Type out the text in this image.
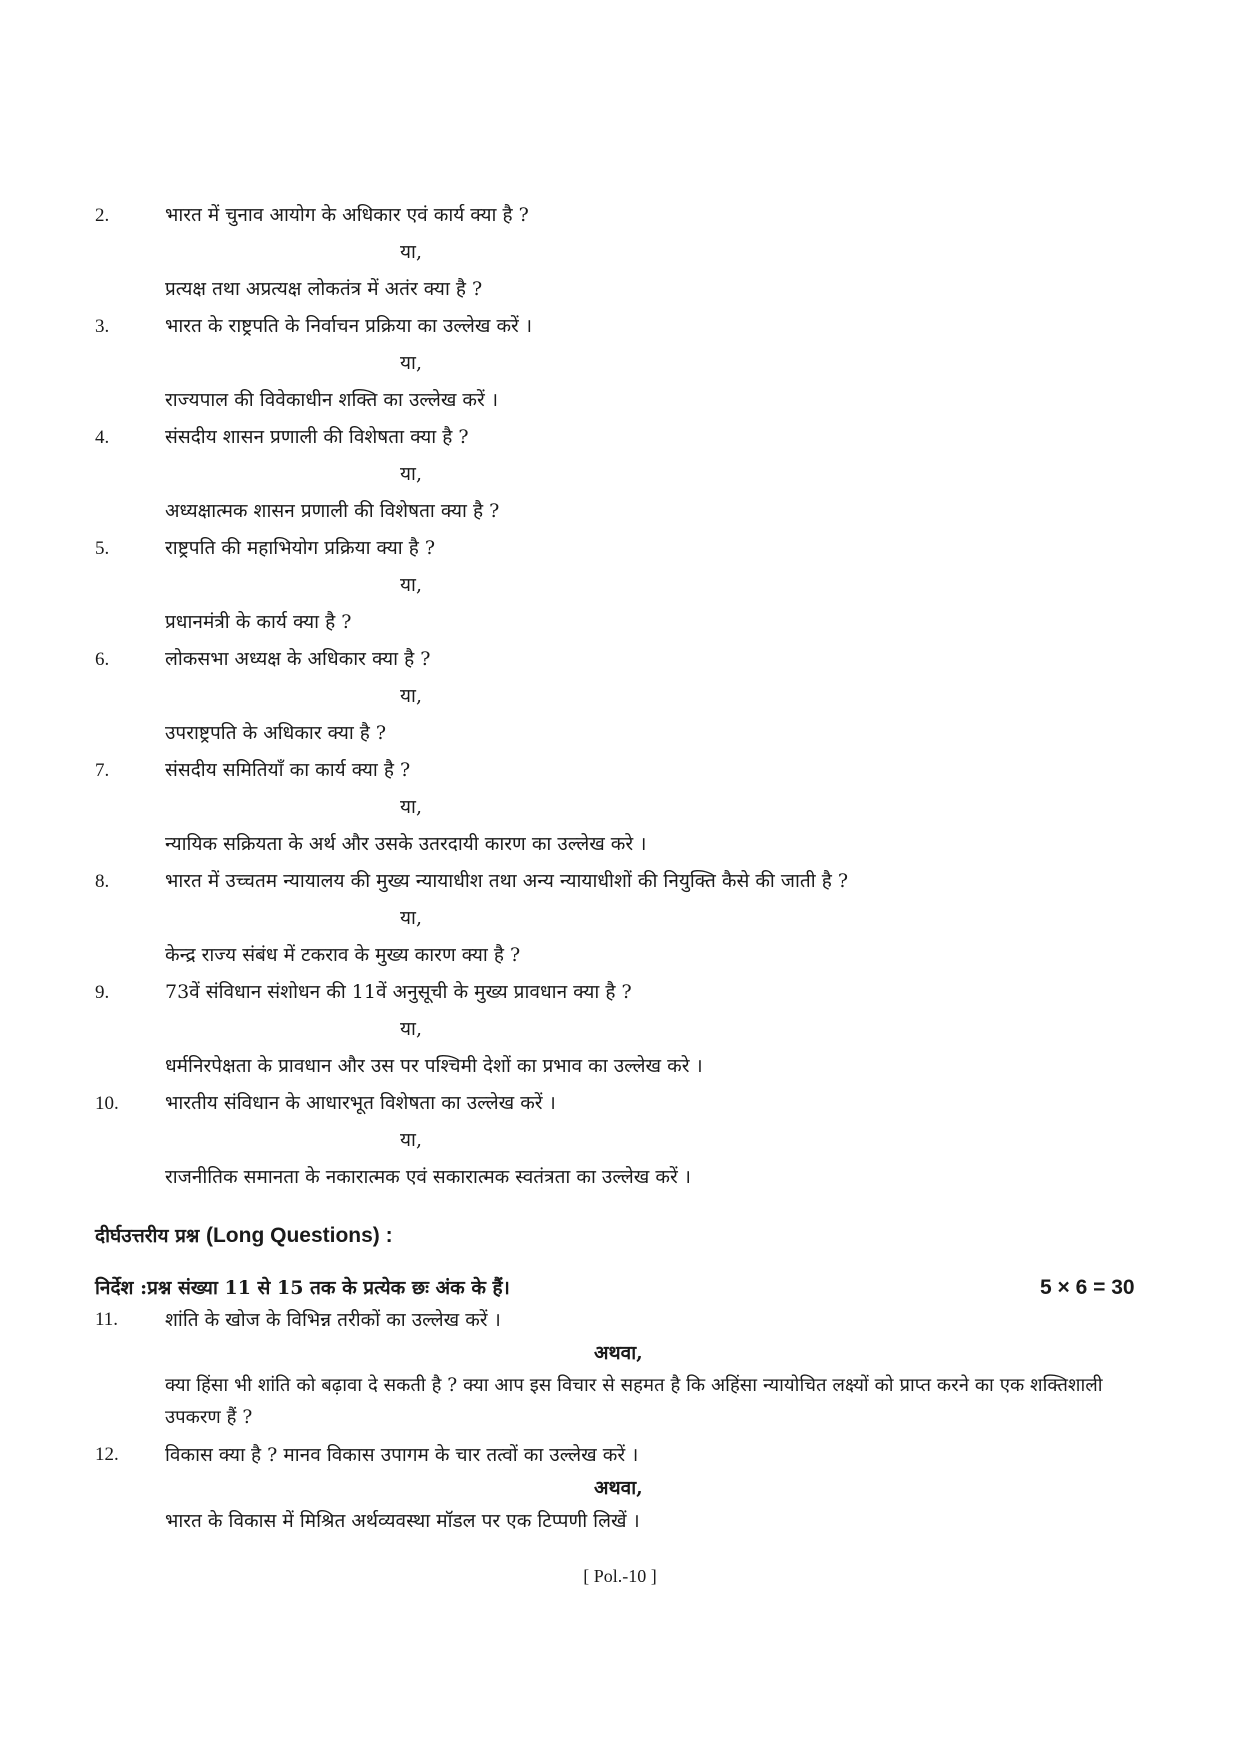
2.	भारत में चुनाव आयोग के अधिकार एवं कार्य क्या है ?
या,
प्रत्यक्ष तथा अप्रत्यक्ष लोकतंत्र में अतंर क्या है ?
3.	भारत के राष्ट्रपति के निर्वाचन प्रक्रिया का उल्लेख करें ।
या,
राज्यपाल की विवेकाधीन शक्ति का उल्लेख करें ।
4.	संसदीय शासन प्रणाली की विशेषता क्या है ?
या,
अध्यक्षात्मक शासन प्रणाली की विशेषता क्या है ?
5.	राष्ट्रपति की महाभियोग प्रक्रिया क्या है ?
या,
प्रधानमंत्री के कार्य क्या है ?
6.	लोकसभा अध्यक्ष के अधिकार क्या है ?
या,
उपराष्ट्रपति के अधिकार क्या है ?
7.	संसदीय समितियाँ का कार्य क्या है ?
या,
न्यायिक सक्रियता के अर्थ और उसके उतरदायी कारण का उल्लेख करे ।
8.	भारत में उच्चतम न्यायालय की मुख्य न्यायाधीश तथा अन्य न्यायाधीशों की नियुक्ति कैसे की जाती है ?
या,
केन्द्र राज्य संबंध में टकराव के मुख्य कारण क्या है ?
9.	73वें संविधान संशोधन की 11वें अनुसूची के मुख्य प्रावधान क्या है ?
या,
धर्मनिरपेक्षता के प्रावधान और उस पर पश्चिमी देशों का प्रभाव का उल्लेख करे ।
10. भारतीय संविधान के आधारभूत विशेषता का उल्लेख करें ।
या,
राजनीतिक समानता के नकारात्मक एवं सकारात्मक स्वतंत्रता का उल्लेख करें ।
दीर्घउत्तरीय प्रश्न (Long Questions) :
निर्देश :प्रश्न संख्या 11 से 15 तक के प्रत्येक छः अंक के हैं।	5 × 6 = 30
11. शांति के खोज के विभिन्न तरीकों का उल्लेख करें ।
अथवा,
क्या हिंसा भी शांति को बढ़ावा दे सकती है ? क्या आप इस विचार से सहमत है कि अहिंसा न्यायोचित लक्ष्यों को प्राप्त करने का एक शक्तिशाली उपकरण हैं ?
12. विकास क्या है ? मानव विकास उपागम के चार तत्वों का उल्लेख करें ।
अथवा,
भारत के विकास में मिश्रित अर्थव्यवस्था मॉडल पर एक टिप्पणी लिखें ।
[ Pol.-10 ]
